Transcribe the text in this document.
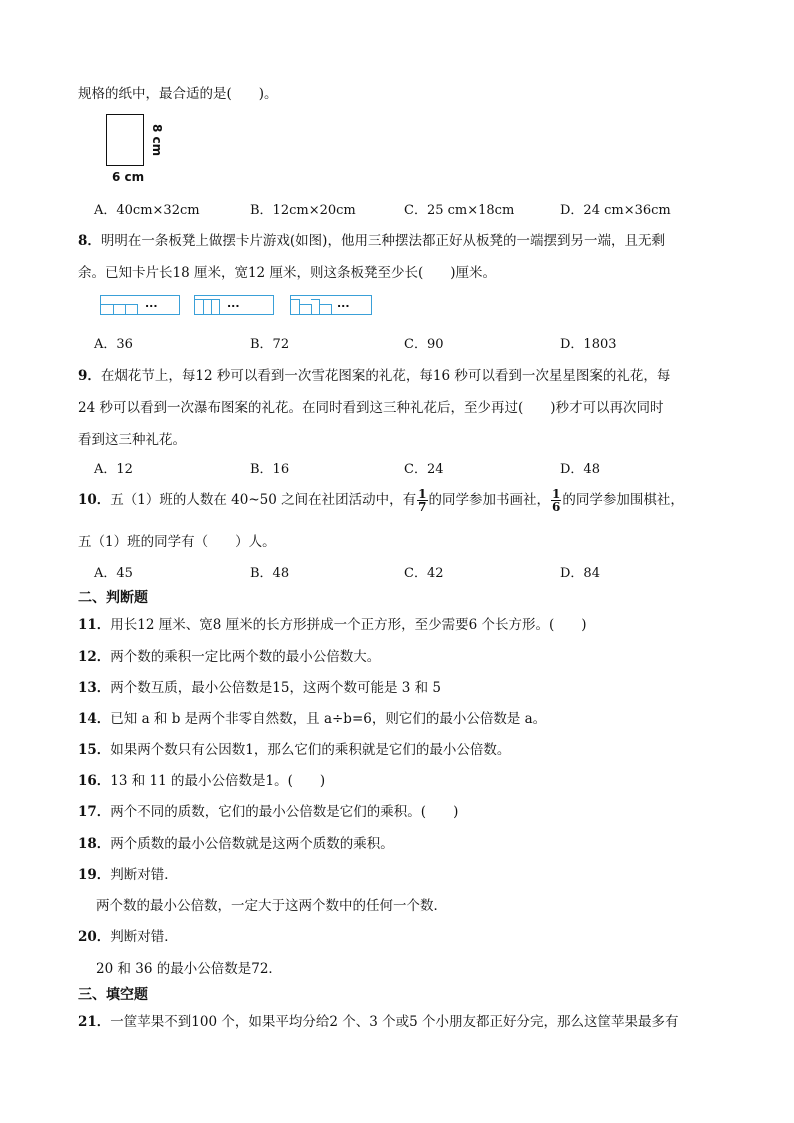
规格的纸中，最合适的是(　　)。
8 cm
6 cm
A．40cm×32cm	B．12cm×20cm	C．25 cm×18cm	D．24 cm×36cm
8．明明在一条板凳上做摆卡片游戏(如图)，他用三种摆法都正好从板凳的一端摆到另一端，且无剩
余。已知卡片长18 厘米，宽12 厘米，则这条板凳至少长(　　)厘米。
...	...	...
A．36	B．72	C．90	D．1803
9．在烟花节上，每12 秒可以看到一次雪花图案的礼花，每16 秒可以看到一次星星图案的礼花，每
24 秒可以看到一次瀑布图案的礼花。在同时看到这三种礼花后，至少再过(　　)秒才可以再次同时
看到这三种礼花。
A．12	B．16	C．24	D．48
10．五（1）班的人数在 40~50 之间在社团活动中，有 $\frac{1}{7}$ 的同学参加书画社， $\frac{1}{6}$ 的同学参加围棋社，
五（1）班的同学有（　　）人。
A．45	B．48	C．42	D．84
二、判断题
11．用长12 厘米、宽8 厘米的长方形拼成一个正方形，至少需要6 个长方形。(　　)
12．两个数的乘积一定比两个数的最小公倍数大。
13．两个数互质，最小公倍数是15，这两个数可能是 3 和 5
14．已知 a 和 b 是两个非零自然数，且 a÷b=6，则它们的最小公倍数是 a。
15．如果两个数只有公因数1，那么它们的乘积就是它们的最小公倍数。
16．13 和 11 的最小公倍数是1。(　　)
17．两个不同的质数，它们的最小公倍数是它们的乘积。(　　)
18．两个质数的最小公倍数就是这两个质数的乘积。
19．判断对错．
两个数的最小公倍数，一定大于这两个数中的任何一个数．
20．判断对错．
20 和 36 的最小公倍数是72．
三、填空题
21．一筐苹果不到100 个，如果平均分给2 个、3 个或5 个小朋友都正好分完，那么这筐苹果最多有
